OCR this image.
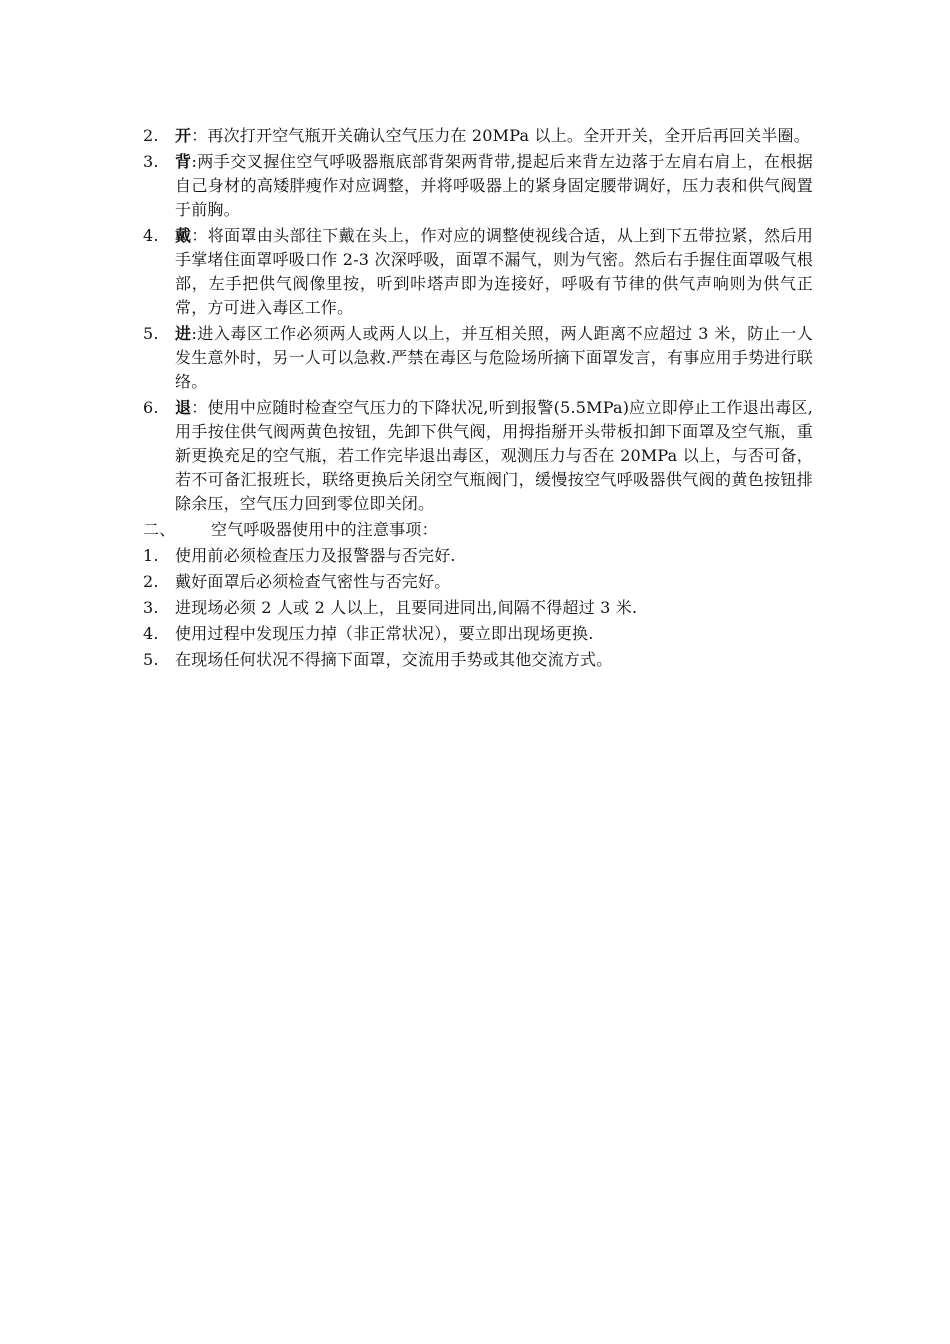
2.	开：再次打开空气瓶开关确认空气压力在 20MPa 以上。全开开关，全开后再回关半圈。
3.	背:两手交叉握住空气呼吸器瓶底部背架两背带,提起后来背左边落于左肩右肩上，在根据自己身材的高矮胖瘦作对应调整，并将呼吸器上的紧身固定腰带调好，压力表和供气阀置于前胸。
4.	戴：将面罩由头部往下戴在头上，作对应的调整使视线合适，从上到下五带拉紧，然后用手掌堵住面罩呼吸口作 2-3 次深呼吸，面罩不漏气，则为气密。然后右手握住面罩吸气根部，左手把供气阀像里按，听到咔塔声即为连接好，呼吸有节律的供气声响则为供气正常，方可进入毒区工作。
5.	进:进入毒区工作必须两人或两人以上，并互相关照，两人距离不应超过 3 米，防止一人发生意外时，另一人可以急救.严禁在毒区与危险场所摘下面罩发言，有事应用手势进行联络。
6.	退：使用中应随时检查空气压力的下降状况,听到报警(5.5MPa)应立即停止工作退出毒区,用手按住供气阀两黄色按钮，先卸下供气阀，用拇指掰开头带板扣卸下面罩及空气瓶，重新更换充足的空气瓶，若工作完毕退出毒区，观测压力与否在 20MPa 以上，与否可备，若不可备汇报班长，联络更换后关闭空气瓶阀门，缓慢按空气呼吸器供气阀的黄色按钮排除余压，空气压力回到零位即关闭。
二、	空气呼吸器使用中的注意事项：
1.	使用前必须检查压力及报警器与否完好.
2.	戴好面罩后必须检查气密性与否完好。
3.	进现场必须 2 人或 2 人以上，且要同进同出,间隔不得超过 3 米.
4.	使用过程中发现压力掉（非正常状况），要立即出现场更换.
5.	在现场任何状况不得摘下面罩，交流用手势或其他交流方式。
